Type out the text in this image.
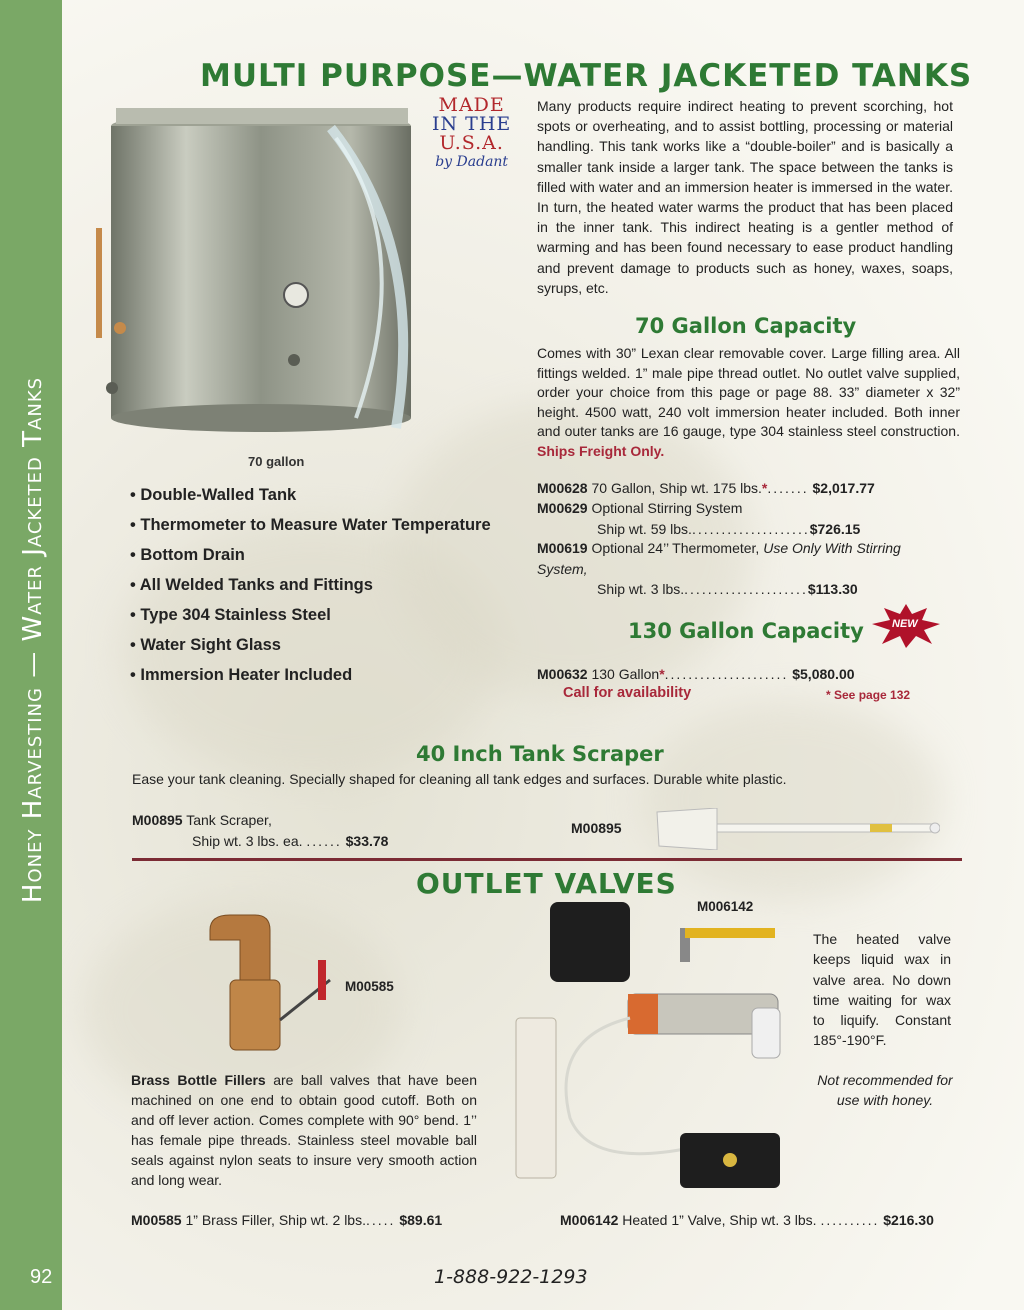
Honey Harvesting — Water Jacketed Tanks
92
MULTI PURPOSE—WATER JACKETED TANKS
70 gallon
MADE
IN THE
U.S.A.
by Dadant

Many products require indirect heating to prevent scorching, hot spots or overheating, and to assist bottling, processing or material handling. This tank works like a “double-boiler” and is basically a smaller tank inside a larger tank. The space between the tanks is filled with water and an immersion heater is immersed in the water. In turn, the heated water warms the product that has been placed in the inner tank. This indirect heating is a gentler method of warming and has been found necessary to ease product handling and prevent damage to products such as honey, waxes, soaps, syrups, etc.

70 Gallon Capacity

Comes with 30” Lexan clear removable cover. Large filling area. All fittings welded. 1” male pipe thread outlet. No outlet valve supplied, order your choice from this page or page 88. 33” diameter x 32” height. 4500 watt, 240 volt immersion heater included. Both inner and outer tanks are 16 gauge, type 304 stainless steel construction. Ships Freight Only.

• Double-Walled Tank
• Thermometer to Measure Water Temperature
• Bottom Drain
• All Welded Tanks and Fittings
• Type 304 Stainless Steel
• Water Sight Glass
• Immersion Heater Included
M00628 70 Gallon, Ship wt. 175 lbs.*....... $2,017.77
M00629 Optional Stirring System
Ship wt. 59 lbs.....................$726.15
M00619 Optional 24’’ Thermometer, Use Only With Stirring System,
Ship wt. 3 lbs......................$113.30
130 Gallon Capacity	NEW
M00632 130 Gallon*..................... $5,080.00
Call for availability	* See page 132
40 Inch Tank Scraper

Ease your tank cleaning. Specially shaped for cleaning all tank edges and surfaces. Durable white plastic.

M00895 Tank Scraper,
Ship wt. 3 lbs. ea. ...... $33.78
M00895
OUTLET VALVES
M006142
M00585

Brass Bottle Fillers are ball valves that have been machined on one end to obtain good cutoff. Both on and off lever action. Comes complete with 90° bend. 1’’ has female pipe threads. Stainless steel movable ball seals against nylon seats to insure very smooth action and long wear.

The heated valve keeps liquid wax in valve area. No down time waiting for wax to liquify. Constant 185°-190°F.

Not recommended for use with honey.

M00585 1” Brass Filler, Ship wt. 2 lbs...... $89.61	M006142 Heated 1” Valve, Ship wt. 3 lbs. .......... $216.30
1-888-922-1293
